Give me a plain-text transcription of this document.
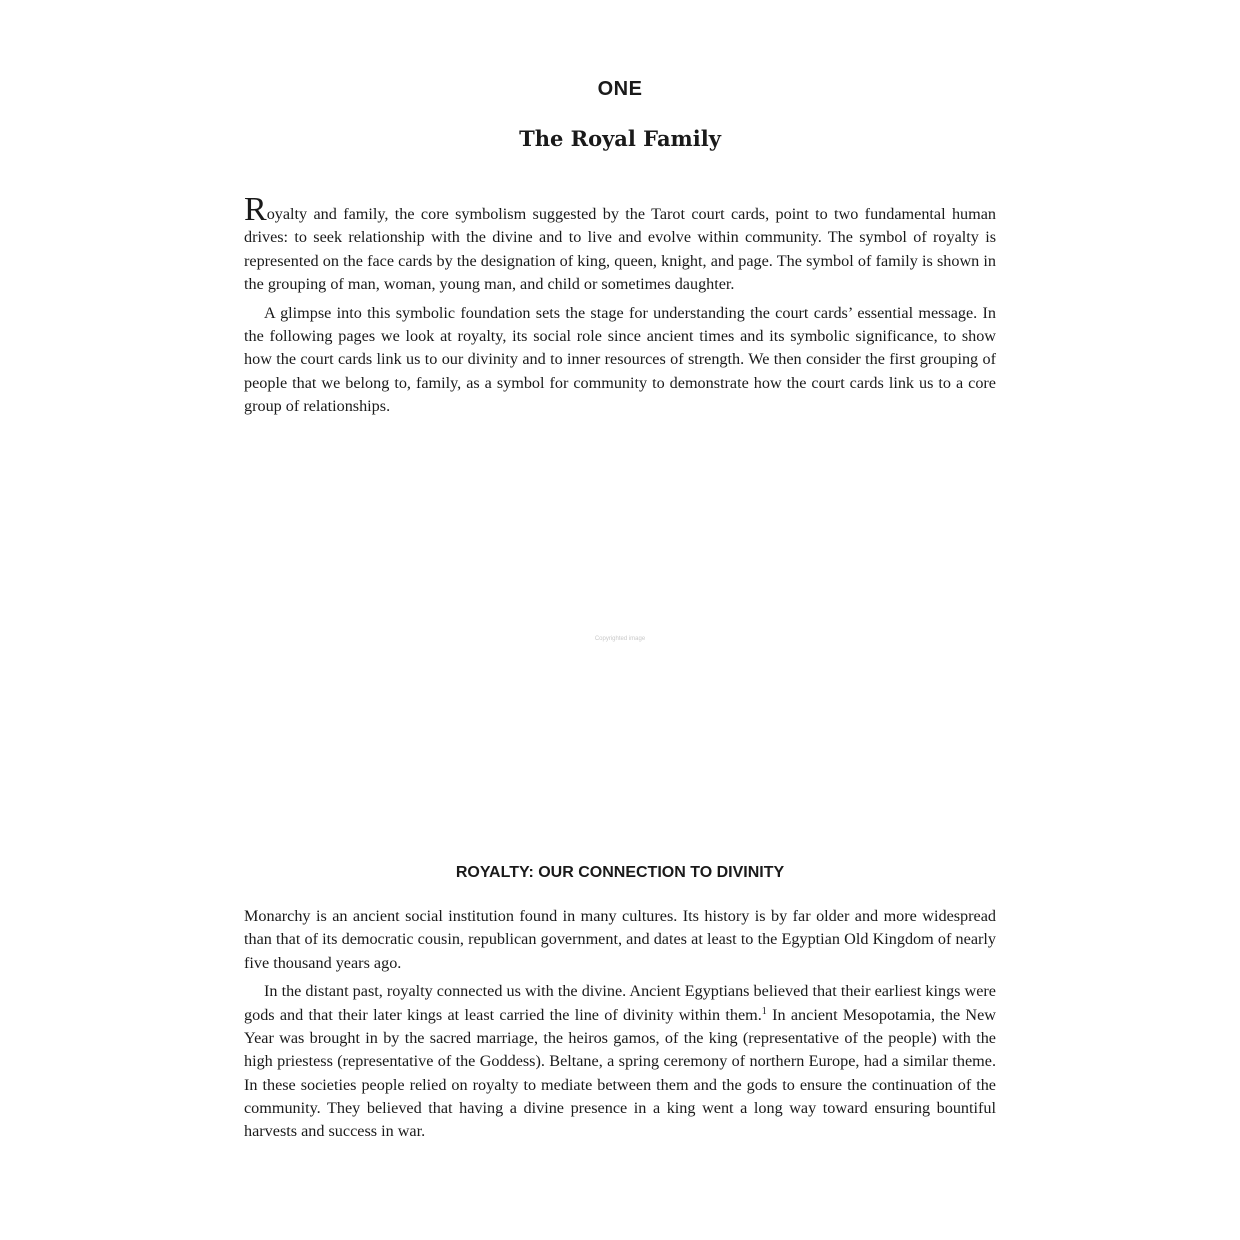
ONE
The Royal Family

Royalty and family, the core symbolism suggested by the Tarot court cards, point to two fundamental human drives: to seek relationship with the divine and to live and evolve within community. The symbol of royalty is represented on the face cards by the designation of king, queen, knight, and page. The symbol of family is shown in the grouping of man, woman, young man, and child or sometimes daughter.

A glimpse into this symbolic foundation sets the stage for understanding the court cards’ essential message. In the following pages we look at royalty, its social role since ancient times and its symbolic significance, to show how the court cards link us to our divinity and to inner resources of strength. We then consider the first grouping of people that we belong to, family, as a symbol for community to demonstrate how the court cards link us to a core group of relationships.

Copyrighted image
ROYALTY: OUR CONNECTION TO DIVINITY

Monarchy is an ancient social institution found in many cultures. Its history is by far older and more widespread than that of its democratic cousin, republican government, and dates at least to the Egyptian Old Kingdom of nearly five thousand years ago.

In the distant past, royalty connected us with the divine. Ancient Egyptians believed that their earliest kings were gods and that their later kings at least carried the line of divinity within them.$^1$ In ancient Mesopotamia, the New Year was brought in by the sacred marriage, the heiros gamos, of the king (representative of the people) with the high priestess (representative of the Goddess). Beltane, a spring ceremony of northern Europe, had a similar theme. In these societies people relied on royalty to mediate between them and the gods to ensure the continuation of the community. They believed that having a divine presence in a king went a long way toward ensuring bountiful harvests and success in war.
